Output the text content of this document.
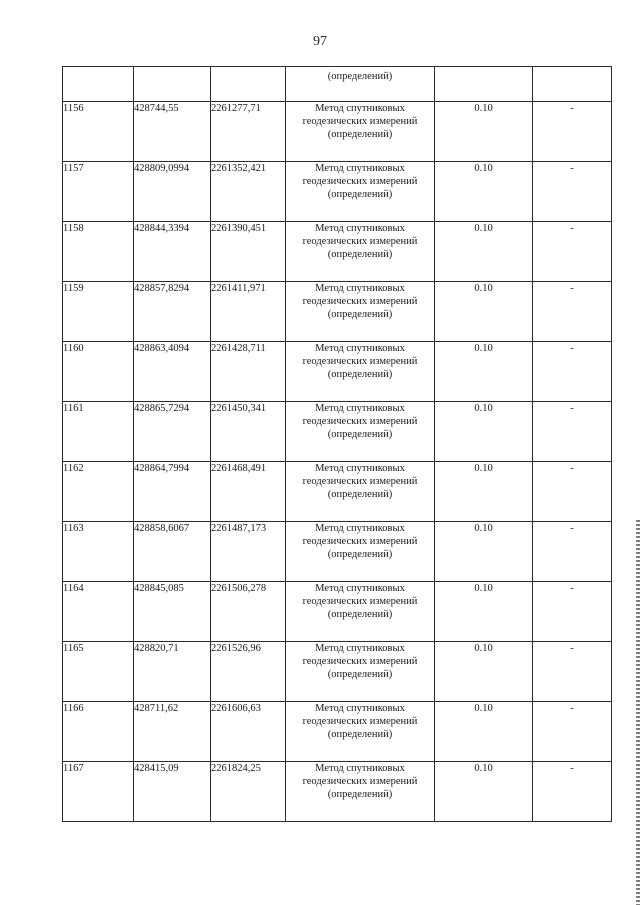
97

			(определений)		

1156	428744,55	2261277,71	Метод спутниковых
геодезических измерений
(определений)	0.10	-
1157	428809,0994	2261352,421	Метод спутниковых
геодезических измерений
(определений)	0.10	-
1158	428844,3394	2261390,451	Метод спутниковых
геодезических измерений
(определений)	0.10	-
1159	428857,8294	2261411,971	Метод спутниковых
геодезических измерений
(определений)	0.10	-
1160	428863,4094	2261428,711	Метод спутниковых
геодезических измерений
(определений)	0.10	-
1161	428865,7294	2261450,341	Метод спутниковых
геодезических измерений
(определений)	0.10	-
1162	428864,7994	2261468,491	Метод спутниковых
геодезических измерений
(определений)	0.10	-
1163	428858,6067	2261487,173	Метод спутниковых
геодезических измерений
(определений)	0.10	-
1164	428845,085	2261506,278	Метод спутниковых
геодезических измерений
(определений)	0.10	-
1165	428820,71	2261526,96	Метод спутниковых
геодезических измерений
(определений)	0.10	-
1166	428711,62	2261606,63	Метод спутниковых
геодезических измерений
(определений)	0.10	-
1167	428415,09	2261824,25	Метод спутниковых
геодезических измерений
(определений)	0.10	-
